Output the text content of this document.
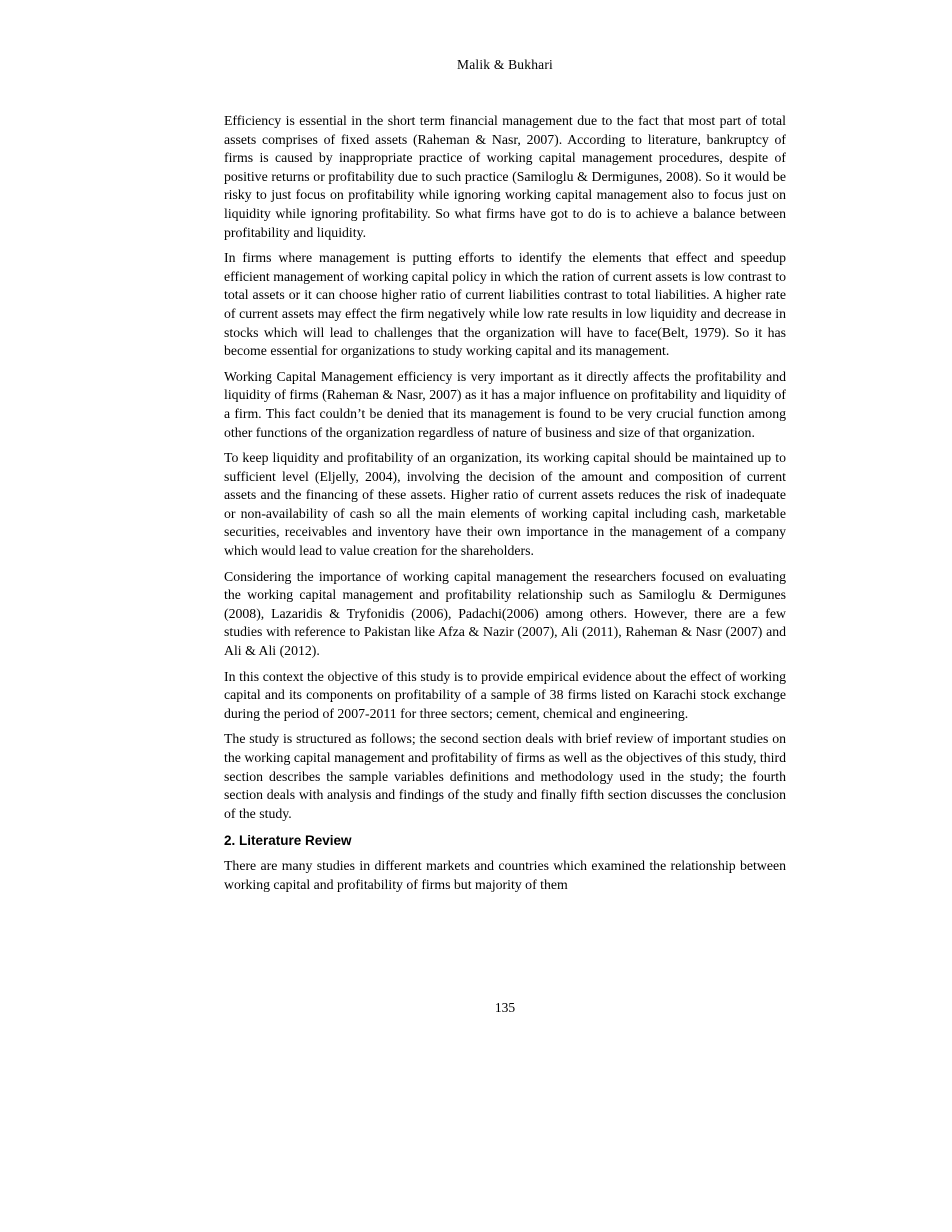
Malik & Bukhari

Efficiency is essential in the short term financial management due to the fact that most part of total assets comprises of fixed assets (Raheman & Nasr, 2007). According to literature, bankruptcy of firms is caused by inappropriate practice of working capital management procedures, despite of positive returns or profitability due to such practice (Samiloglu & Dermigunes, 2008). So it would be risky to just focus on profitability while ignoring working capital management also to focus just on liquidity while ignoring profitability. So what firms have got to do is to achieve a balance between profitability and liquidity.

In firms where management is putting efforts to identify the elements that effect and speedup efficient management of working capital policy in which the ration of current assets is low contrast to total assets or it can choose higher ratio of current liabilities contrast to total liabilities. A higher rate of current assets may effect the firm negatively while low rate results in low liquidity and decrease in stocks which will lead to challenges that the organization will have to face(Belt, 1979). So it has become essential for organizations to study working capital and its management.

Working Capital Management efficiency is very important as it directly affects the profitability and liquidity of firms (Raheman & Nasr, 2007) as it has a major influence on profitability and liquidity of a firm. This fact couldn’t be denied that its management is found to be very crucial function among other functions of the organization regardless of nature of business and size of that organization.

To keep liquidity and profitability of an organization, its working capital should be maintained up to sufficient level (Eljelly, 2004), involving the decision of the amount and composition of current assets and the financing of these assets. Higher ratio of current assets reduces the risk of inadequate or non-availability of cash so all the main elements of working capital including cash, marketable securities, receivables and inventory have their own importance in the management of a company which would lead to value creation for the shareholders.

Considering the importance of working capital management the researchers focused on evaluating the working capital management and profitability relationship such as Samiloglu & Dermigunes (2008), Lazaridis & Tryfonidis (2006), Padachi(2006) among others. However, there are a few studies with reference to Pakistan like Afza & Nazir (2007), Ali (2011), Raheman & Nasr (2007) and Ali & Ali (2012).

In this context the objective of this study is to provide empirical evidence about the effect of working capital and its components on profitability of a sample of 38 firms listed on Karachi stock exchange during the period of 2007-2011 for three sectors; cement, chemical and engineering.

The study is structured as follows; the second section deals with brief review of important studies on the working capital management and profitability of firms as well as the objectives of this study, third section describes the sample variables definitions and methodology used in the study; the fourth section deals with analysis and findings of the study and finally fifth section discusses the conclusion of the study.

2. Literature Review

There are many studies in different markets and countries which examined the relationship between working capital and profitability of firms but majority of them

135
